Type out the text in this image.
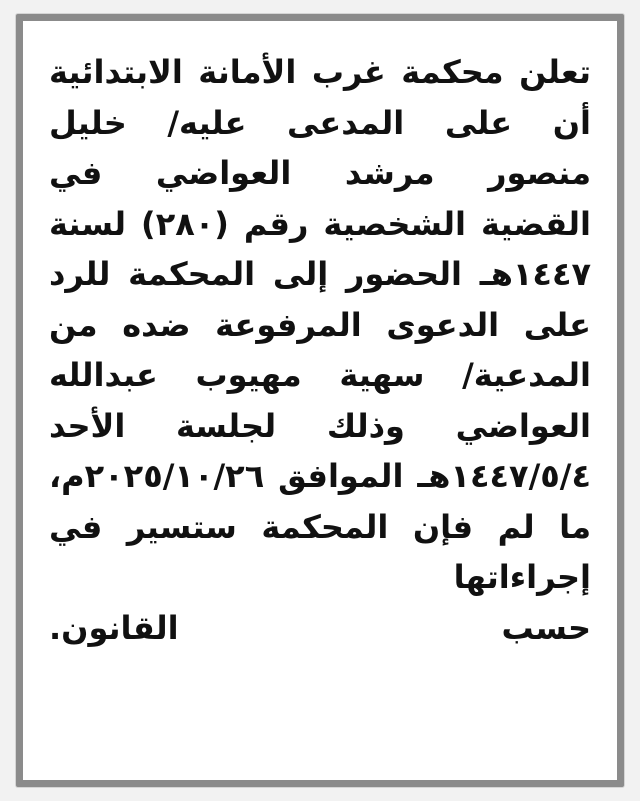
تعلن محكمة غرب الأمانة الابتدائية أن على المدعى عليه/ خليل منصور مرشد العواضي في القضية الشخصية رقم (٢٨٠) لسنة ١٤٤٧هـ الحضور إلى المحكمة للرد على الدعوى المرفوعة ضده من المدعية/ سهية مهيوب عبدالله العواضي وذلك لجلسة الأحد ١٤٤٧/٥/٤هـ الموافق ٢٠٢٥/١٠/٢٦م، ما لم فإن المحكمة ستسير في إجراءاتها
حسب القانون.
